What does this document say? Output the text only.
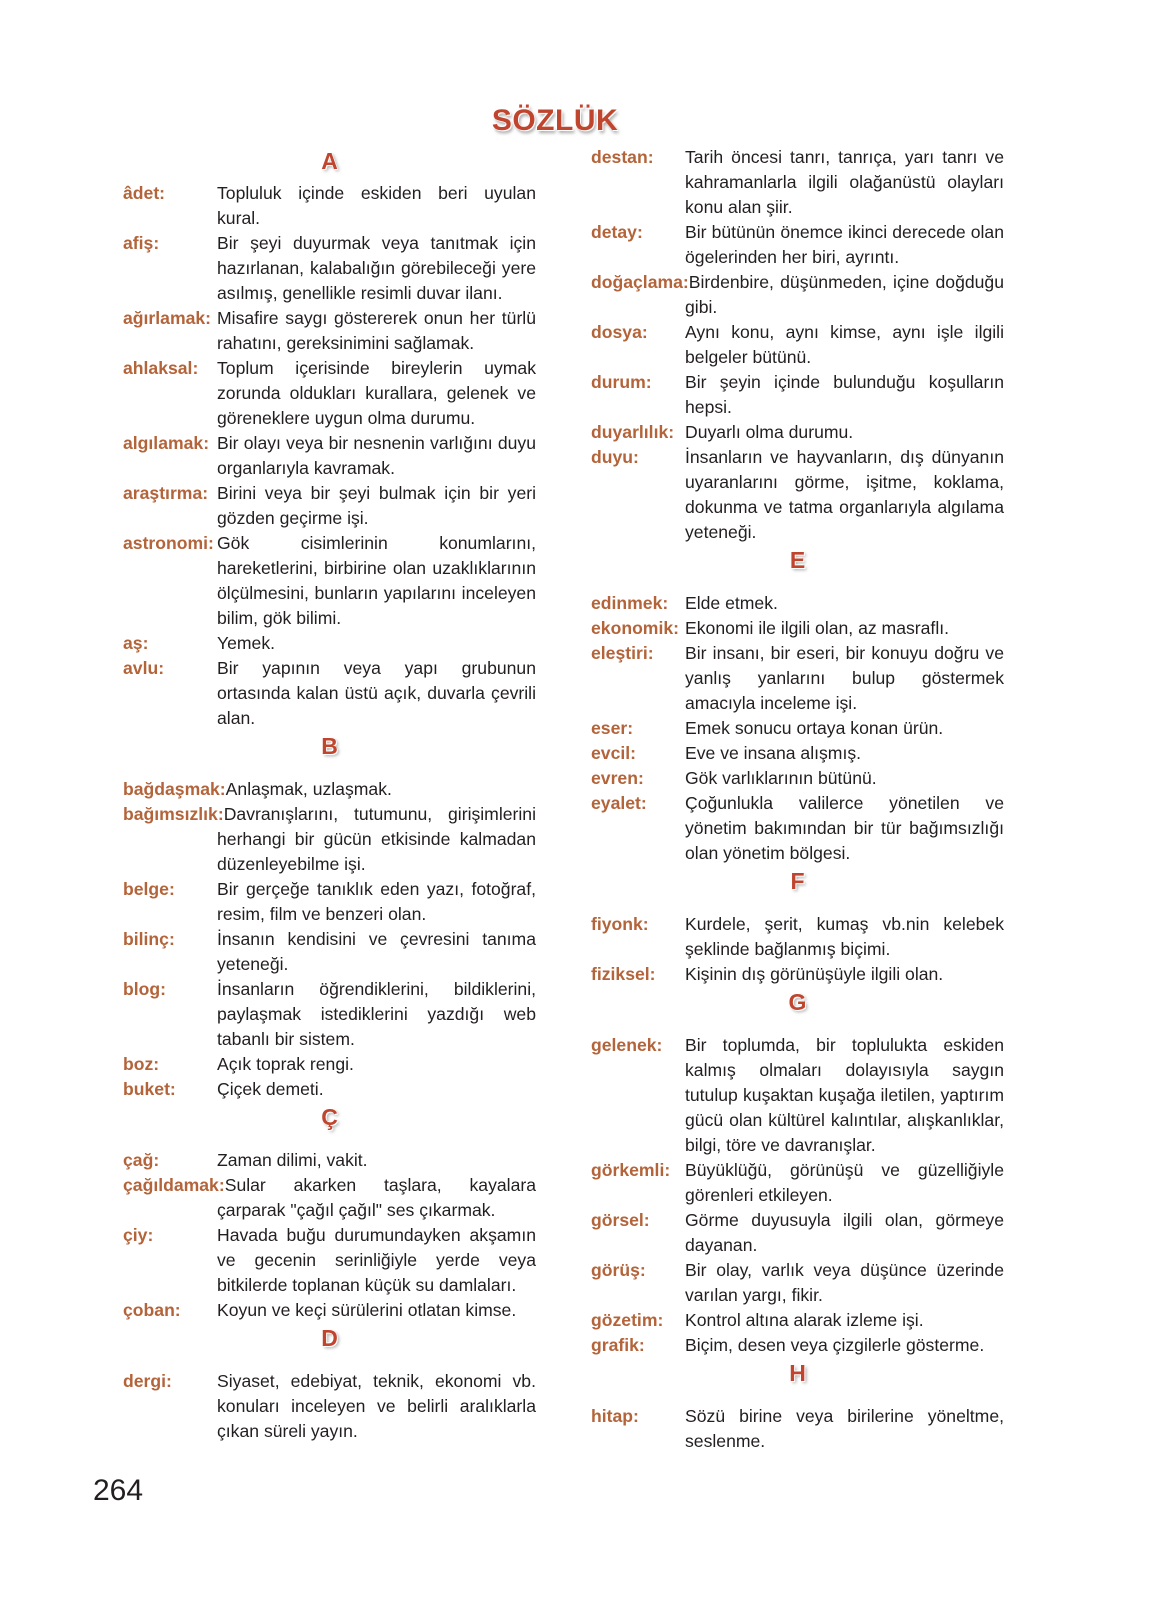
SÖZLÜK
A
âdet:	Topluluk içinde eskiden beri uyulan kural.
afiş:	Bir şeyi duyurmak veya tanıtmak için hazırlanan, kalabalığın görebileceği yere asılmış, genellikle resimli duvar ilanı.
ağırlamak: Misafire saygı göstererek onun her türlü rahatını, gereksinimini sağlamak.
ahlaksal: Toplum içerisinde bireylerin uymak zorunda oldukları kurallara, gelenek ve göreneklere uygun olma durumu.
algılamak: Bir olayı veya bir nesnenin varlığını duyu organlarıyla kavramak.
araştırma: Birini veya bir şeyi bulmak için bir yeri gözden geçirme işi.
astronomi: Gök cisimlerinin konumlarını, hareketlerini, birbirine olan uzaklıklarının ölçülmesini, bunların yapılarını inceleyen bilim, gök bilimi.
aş:	Yemek.
avlu:	Bir yapının veya yapı grubunun ortasında kalan üstü açık, duvarla çevrili alan.
B
bağdaşmak:Anlaşmak, uzlaşmak.
bağımsızlık:Davranışlarını, tutumunu, girişimlerini herhangi bir gücün etkisinde kalmadan düzenleyebilme işi.
belge: Bir gerçeğe tanıklık eden yazı, fotoğraf, resim, film ve benzeri olan.
bilinç: İnsanın kendisini ve çevresini tanıma yeteneği.
blog:	İnsanların öğrendiklerini, bildiklerini, paylaşmak istediklerini yazdığı web tabanlı bir sistem.
boz:	Açık toprak rengi.
buket: Çiçek demeti.
Ç
çağ:	Zaman dilimi, vakit.
çağıldamak:Sular akarken taşlara, kayalara çarparak "çağıl çağıl" ses çıkarmak.
çiy:	Havada buğu durumundayken akşamın ve gecenin serinliğiyle yerde veya bitkilerde toplanan küçük su damlaları.
çoban: Koyun ve keçi sürülerini otlatan kimse.
D
dergi:	Siyaset, edebiyat, teknik, ekonomi vb. konuları inceleyen ve belirli aralıklarla çıkan süreli yayın.
destan: Tarih öncesi tanrı, tanrıça, yarı tanrı ve kahramanlarla ilgili olağanüstü olayları konu alan şiir.
detay: Bir bütünün önemce ikinci derecede olan ögelerinden her biri, ayrıntı.
doğaçlama:Birdenbire, düşünmeden, içine doğduğu gibi.
dosya: Aynı konu, aynı kimse, aynı işle ilgili belgeler bütünü.
durum: Bir şeyin içinde bulunduğu koşulların hepsi.
duyarlılık: Duyarlı olma durumu.
duyu:	İnsanların ve hayvanların, dış dünyanın uyaranlarını görme, işitme, koklama, dokunma ve tatma organlarıyla algılama yeteneği.
E
edinmek: Elde etmek.
ekonomik: Ekonomi ile ilgili olan, az masraflı.
eleştiri: Bir insanı, bir eseri, bir konuyu doğru ve yanlış yanlarını bulup göstermek amacıyla inceleme işi.
eser:	Emek sonucu ortaya konan ürün.
evcil:	Eve ve insana alışmış.
evren: Gök varlıklarının bütünü.
eyalet: Çoğunlukla valilerce yönetilen ve yönetim bakımından bir tür bağımsızlığı olan yönetim bölgesi.
F
fiyonk: Kurdele, şerit, kumaş vb.nin kelebek şeklinde bağlanmış biçimi.
fiziksel: Kişinin dış görünüşüyle ilgili olan.
G
gelenek: Bir toplumda, bir toplulukta eskiden kalmış olmaları dolayısıyla saygın tutulup kuşaktan kuşağa iletilen, yaptırım gücü olan kültürel kalıntılar, alışkanlıklar, bilgi, töre ve davranışlar.
görkemli: Büyüklüğü, görünüşü ve güzelliğiyle görenleri etkileyen.
görsel: Görme duyusuyla ilgili olan, görmeye dayanan.
görüş: Bir olay, varlık veya düşünce üzerinde varılan yargı, fikir.
gözetim: Kontrol altına alarak izleme işi.
grafik: Biçim, desen veya çizgilerle gösterme.
H
hitap:	Sözü birine veya birilerine yöneltme, seslenme.
264
